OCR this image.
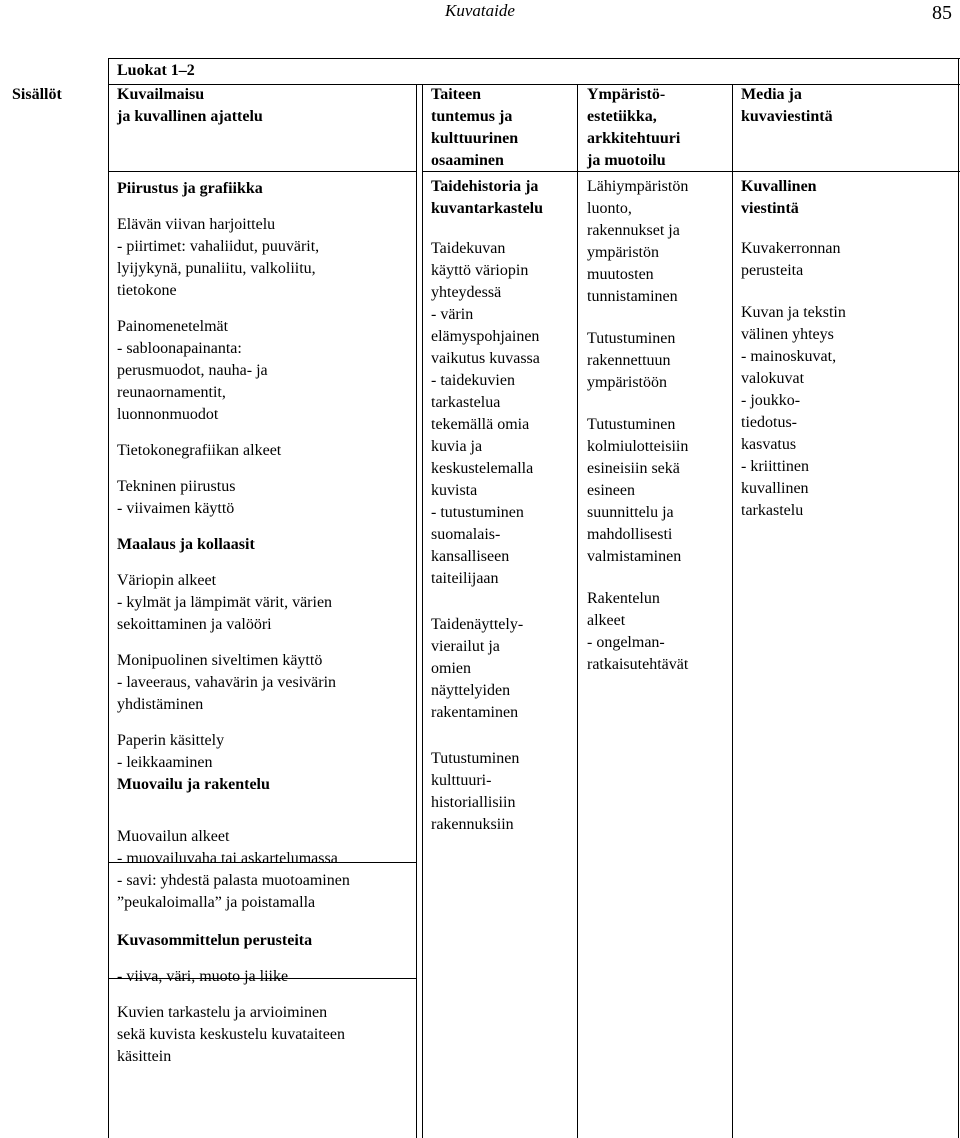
Kuvataide	85
Sisällöt
Luokat 1–2
Kuvailmaisu
ja kuvallinen ajattelu
Piirustus ja grafiikka
Elävän viivan harjoittelu
- piirtimet: vahaliidut, puuvärit,
lyijykynä, punaliitu, valkoliitu,
tietokone
Painomenetelmät
- sabloonapainanta:
perusmuodot, nauha- ja
reunaornamentit,
luonnonmuodot
Tietokonegrafiikan alkeet
Tekninen piirustus
- viivaimen käyttö
Maalaus ja kollaasit
Väriopin alkeet
- kylmät ja lämpimät värit, värien
sekoittaminen ja valööri
Monipuolinen siveltimen käyttö
- laveeraus, vahavärin ja vesivärin
yhdistäminen
Paperin käsittely
- leikkaaminen
Muovailu ja rakentelu
Muovailun alkeet
- muovailuvaha tai askartelumassa
- savi: yhdestä palasta muotoaminen
”peukaloimalla” ja poistamalla
Kuvasommittelun perusteita
- viiva, väri, muoto ja liike
Kuvien tarkastelu ja arvioiminen
sekä kuvista keskustelu kuvataiteen
käsittein
Taiteen
tuntemus ja
kulttuurinen
osaaminen
Taidehistoria ja
kuvantarkastelu
Taidekuvan
käyttö väriopin
yhteydessä
- värin
elämyspohjainen
vaikutus kuvassa
- taidekuvien
tarkastelua
tekemällä omia
kuvia ja
keskustelemalla
kuvista
- tutustuminen
suomalais-
kansalliseen
taiteilijaan
Taidenäyttely-
vierailut ja
omien
näyttelyiden
rakentaminen
Tutustuminen
kulttuuri-
historiallisiin
rakennuksiin
Ympäristö-
estetiikka,
arkkitehtuuri
ja muotoilu
Lähiympäristön
luonto,
rakennukset ja
ympäristön
muutosten
tunnistaminen
Tutustuminen
rakennettuun
ympäristöön
Tutustuminen
kolmiulotteisiin
esineisiin sekä
esineen
suunnittelu ja
mahdollisesti
valmistaminen
Rakentelun
alkeet
- ongelman-
ratkaisutehtävät
Media ja
kuvaviestintä
Kuvallinen
viestintä
Kuvakerronnan
perusteita
Kuvan ja tekstin
välinen yhteys
- mainoskuvat,
valokuvat
- joukko-
tiedotus-
kasvatus
- kriittinen
kuvallinen
tarkastelu
